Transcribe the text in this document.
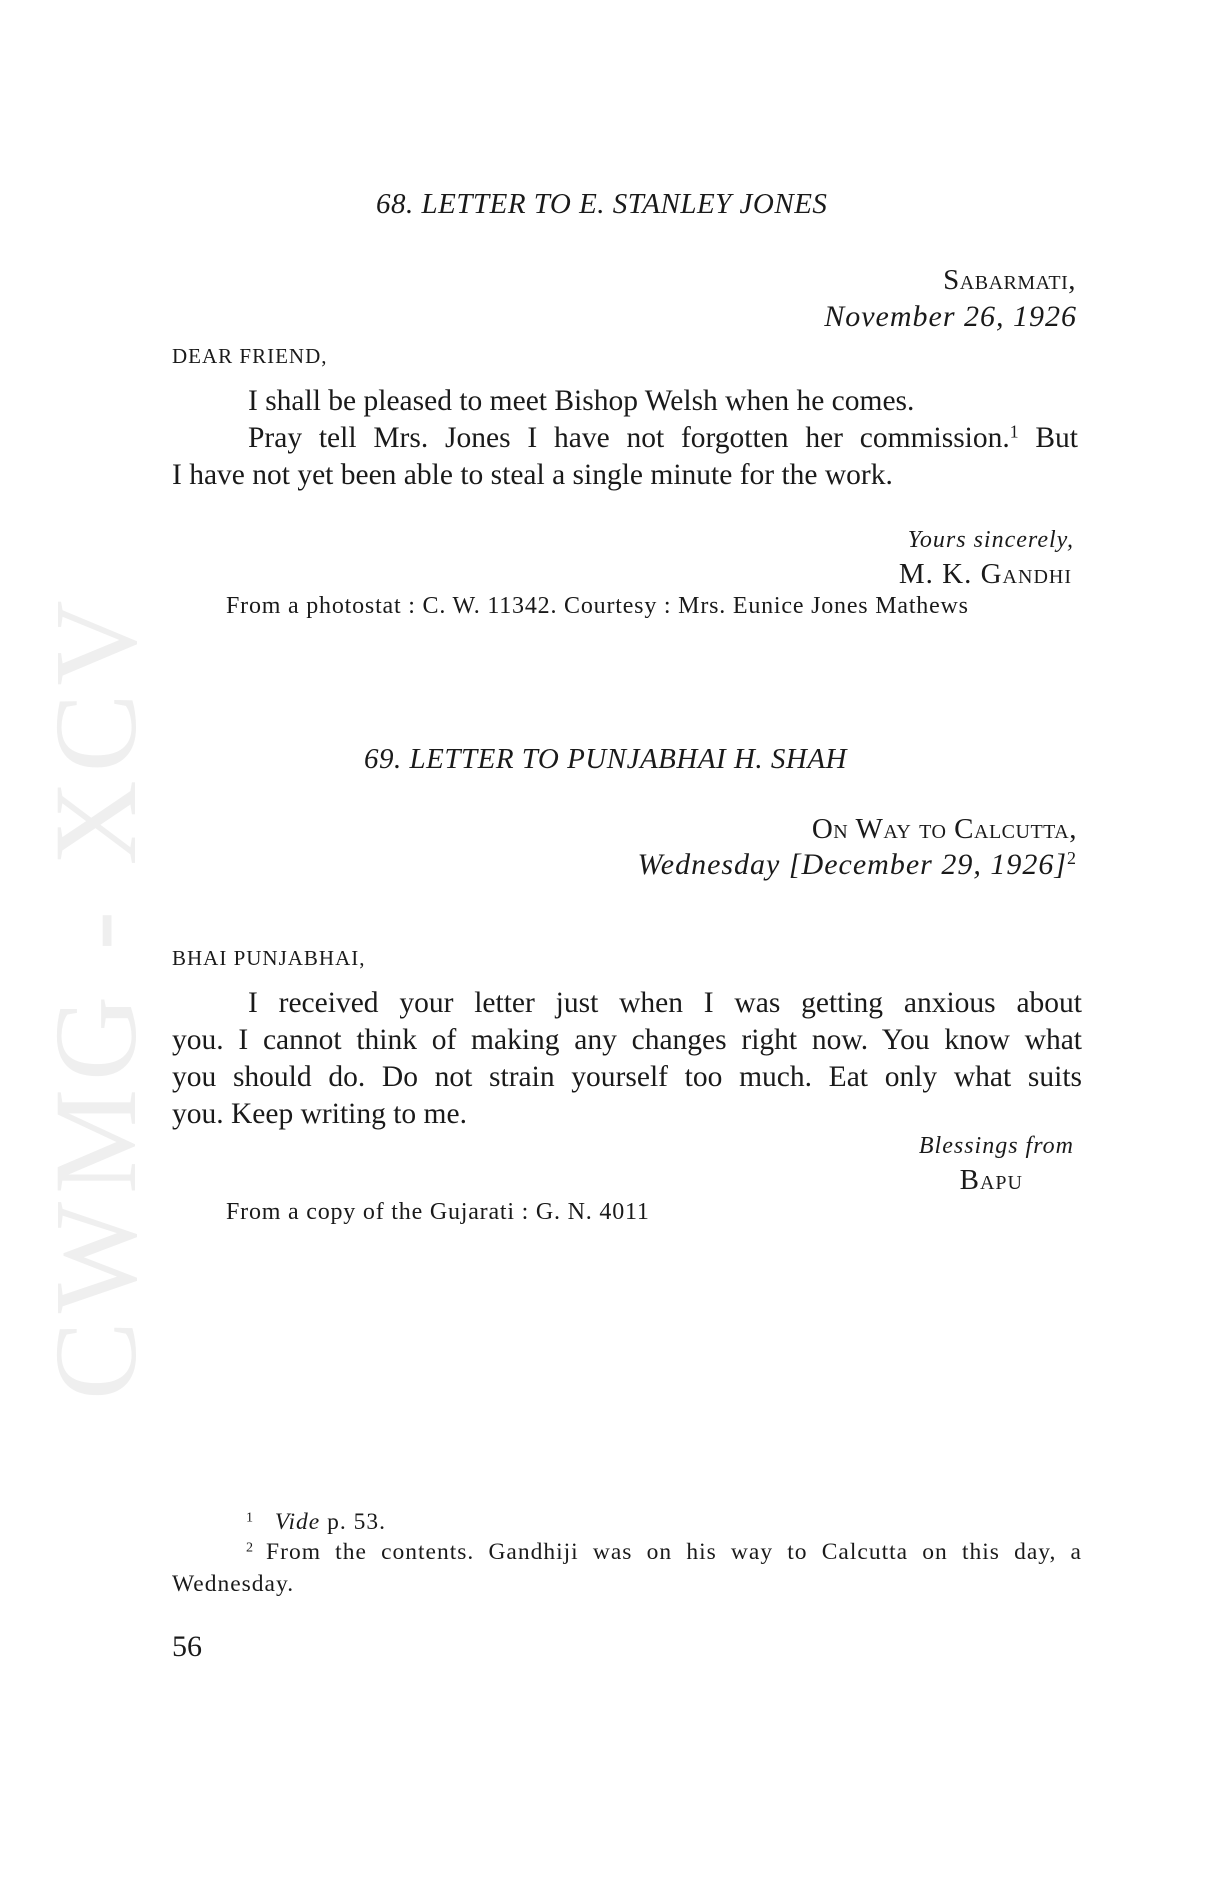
CWMG - XCV
68. LETTER TO E. STANLEY JONES
Sabarmati,
November 26, 1926
DEAR FRIEND,
I shall be pleased to meet Bishop Welsh when he comes.
Pray tell Mrs. Jones I have not forgotten her commission.$^1$ But
I have not yet been able to steal a single minute for the work.
Yours sincerely,
M. K. Gandhi
From a photostat : C. W. 11342. Courtesy : Mrs. Eunice Jones Mathews
69. LETTER TO PUNJABHAI H. SHAH
On Way to Calcutta,
Wednesday [December 29, 1926]$^2$
BHAI PUNJABHAI,
I received your letter just when I was getting anxious about
you. I cannot think of making any changes right now. You know what
you should do. Do not strain yourself too much. Eat only what suits
you. Keep writing to me.
Blessings from
Bapu
From a copy of the Gujarati : G. N. 4011
$^1$ Vide p. 53.
$^2$ From the contents. Gandhiji was on his way to Calcutta on this day, a
Wednesday.
56
